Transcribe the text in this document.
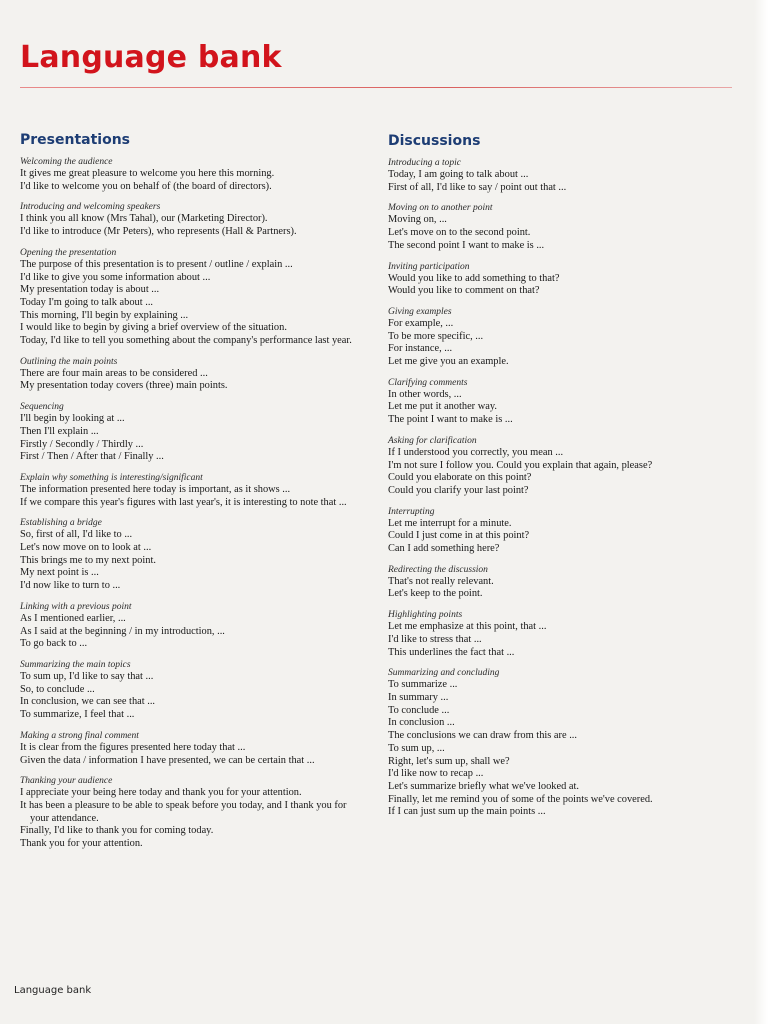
Language bank
Presentations
Welcoming the audience
It gives me great pleasure to welcome you here this morning.
I'd like to welcome you on behalf of (the board of directors).
Introducing and welcoming speakers
I think you all know (Mrs Tahal), our (Marketing Director).
I'd like to introduce (Mr Peters), who represents (Hall & Partners).
Opening the presentation
The purpose of this presentation is to present / outline / explain ...
I'd like to give you some information about ...
My presentation today is about ...
Today I'm going to talk about ...
This morning, I'll begin by explaining ...
I would like to begin by giving a brief overview of the situation.
Today, I'd like to tell you something about the company's performance last year.
Outlining the main points
There are four main areas to be considered ...
My presentation today covers (three) main points.
Sequencing
I'll begin by looking at ...
Then I'll explain ...
Firstly / Secondly / Thirdly ...
First / Then / After that / Finally ...
Explain why something is interesting/significant
The information presented here today is important, as it shows ...
If we compare this year's figures with last year's, it is interesting to note that ...
Establishing a bridge
So, first of all, I'd like to ...
Let's now move on to look at ...
This brings me to my next point.
My next point is ...
I'd now like to turn to ...
Linking with a previous point
As I mentioned earlier, ...
As I said at the beginning / in my introduction, ...
To go back to ...
Summarizing the main topics
To sum up, I'd like to say that ...
So, to conclude ...
In conclusion, we can see that ...
To summarize, I feel that ...
Making a strong final comment
It is clear from the figures presented here today that ...
Given the data / information I have presented, we can be certain that ...
Thanking your audience
I appreciate your being here today and thank you for your attention.
It has been a pleasure to be able to speak before you today, and I thank you for your attendance.
Finally, I'd like to thank you for coming today.
Thank you for your attention.
Discussions
Introducing a topic
Today, I am going to talk about ...
First of all, I'd like to say / point out that ...
Moving on to another point
Moving on, ...
Let's move on to the second point.
The second point I want to make is ...
Inviting participation
Would you like to add something to that?
Would you like to comment on that?
Giving examples
For example, ...
To be more specific, ...
For instance, ...
Let me give you an example.
Clarifying comments
In other words, ...
Let me put it another way.
The point I want to make is ...
Asking for clarification
If I understood you correctly, you mean ...
I'm not sure I follow you. Could you explain that again, please?
Could you elaborate on this point?
Could you clarify your last point?
Interrupting
Let me interrupt for a minute.
Could I just come in at this point?
Can I add something here?
Redirecting the discussion
That's not really relevant.
Let's keep to the point.
Highlighting points
Let me emphasize at this point, that ...
I'd like to stress that ...
This underlines the fact that ...
Summarizing and concluding
To summarize ...
In summary ...
To conclude ...
In conclusion ...
The conclusions we can draw from this are ...
To sum up, ...
Right, let's sum up, shall we?
I'd like now to recap ...
Let's summarize briefly what we've looked at.
Finally, let me remind you of some of the points we've covered.
If I can just sum up the main points ...
Language bank
